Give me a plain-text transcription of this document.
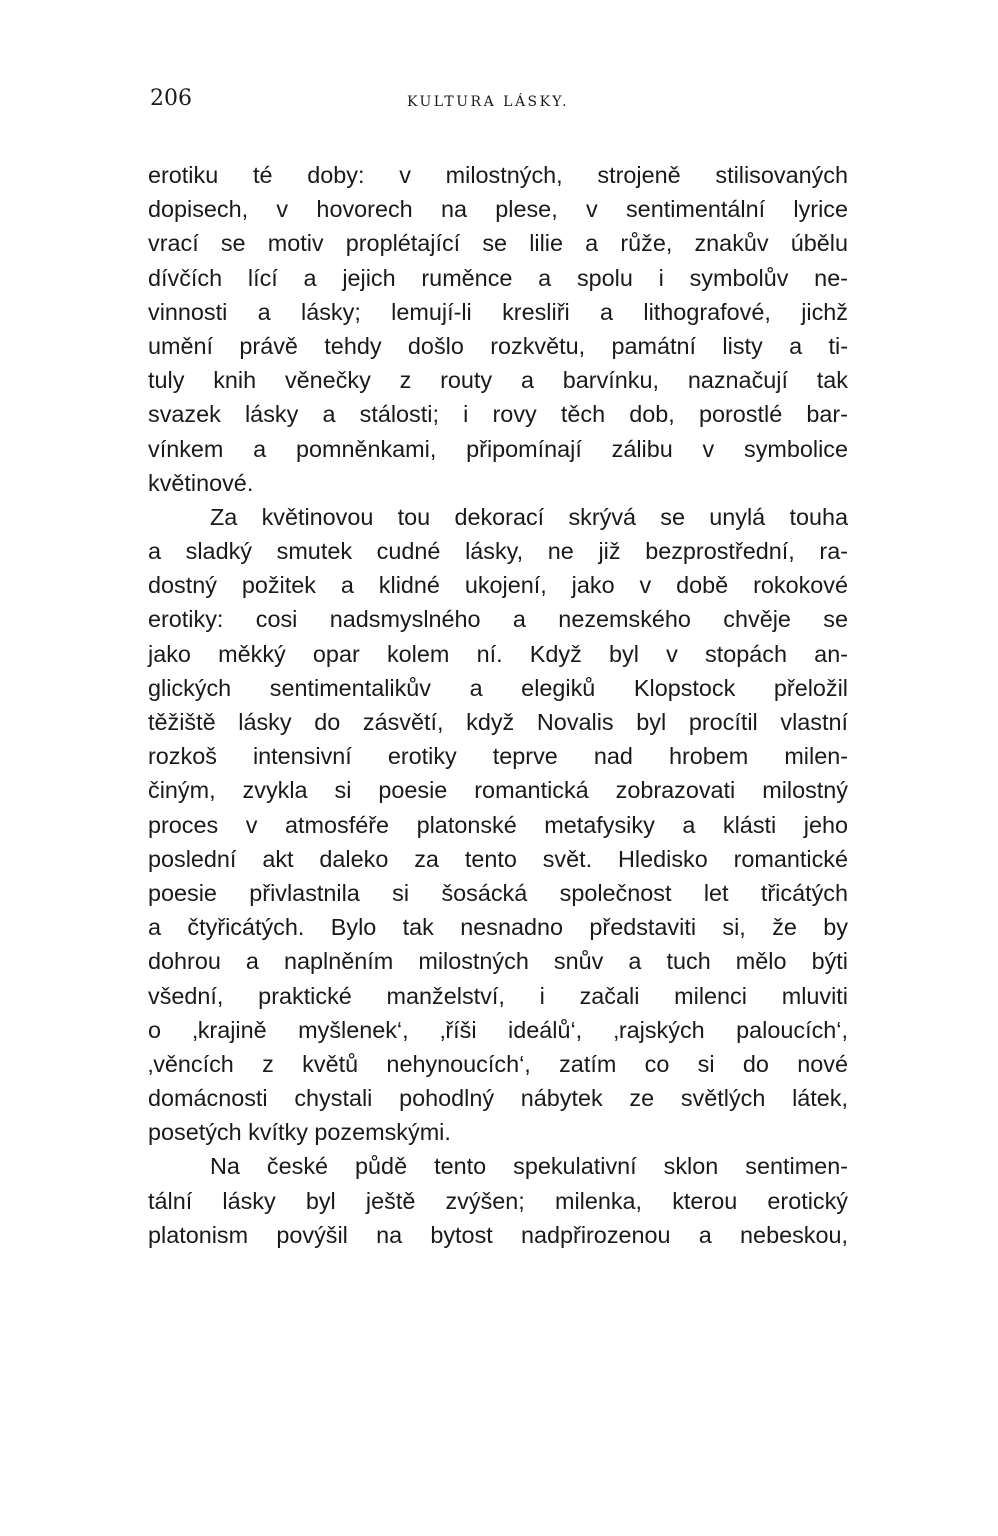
206	KULTURA LÁSKY.
erotiku té doby: v milostných, strojeně stilisovaných
dopisech, v hovorech na plese, v sentimentální lyrice
vrací se motiv proplétající se lilie a růže, znakův úbělu
dívčích lící a jejich ruměnce a spolu i symbolův ne-
vinnosti a lásky; lemují-li kresliři a lithografové, jichž
umění právě tehdy došlo rozkvětu, památní listy a ti-
tuly knih věnečky z routy a barvínku, naznačují tak
svazek lásky a stálosti; i rovy těch dob, porostlé bar-
vínkem a pomněnkami, připomínají zálibu v symbolice
květinové.
Za květinovou tou dekorací skrývá se unylá touha
a sladký smutek cudné lásky, ne již bezprostřední, ra-
dostný požitek a klidné ukojení, jako v době rokokové
erotiky: cosi nadsmyslného a nezemského chvěje se
jako měkký opar kolem ní. Když byl v stopách an-
glických sentimentalikův a elegiků Klopstock přeložil
těžiště lásky do zásvětí, když Novalis byl procítil vlastní
rozkoš intensivní erotiky teprve nad hrobem milen-
činým, zvykla si poesie romantická zobrazovati milostný
proces v atmosféře platonské metafysiky a klásti jeho
poslední akt daleko za tento svět. Hledisko romantické
poesie přivlastnila si šosácká společnost let třicátých
a čtyřicátých. Bylo tak nesnadno představiti si, že by
dohrou a naplněním milostných snův a tuch mělo býti
všední, praktické manželství, i začali milenci mluviti
o ‚krajině myšlenek‘, ‚říši ideálů‘, ‚rajských paloucích‘,
‚věncích z květů nehynoucích‘, zatím co si do nové
domácnosti chystali pohodlný nábytek ze světlých látek,
posetých kvítky pozemskými.
Na české půdě tento spekulativní sklon sentimen-
tální lásky byl ještě zvýšen; milenka, kterou erotický
platonism povýšil na bytost nadpřirozenou a nebeskou,
